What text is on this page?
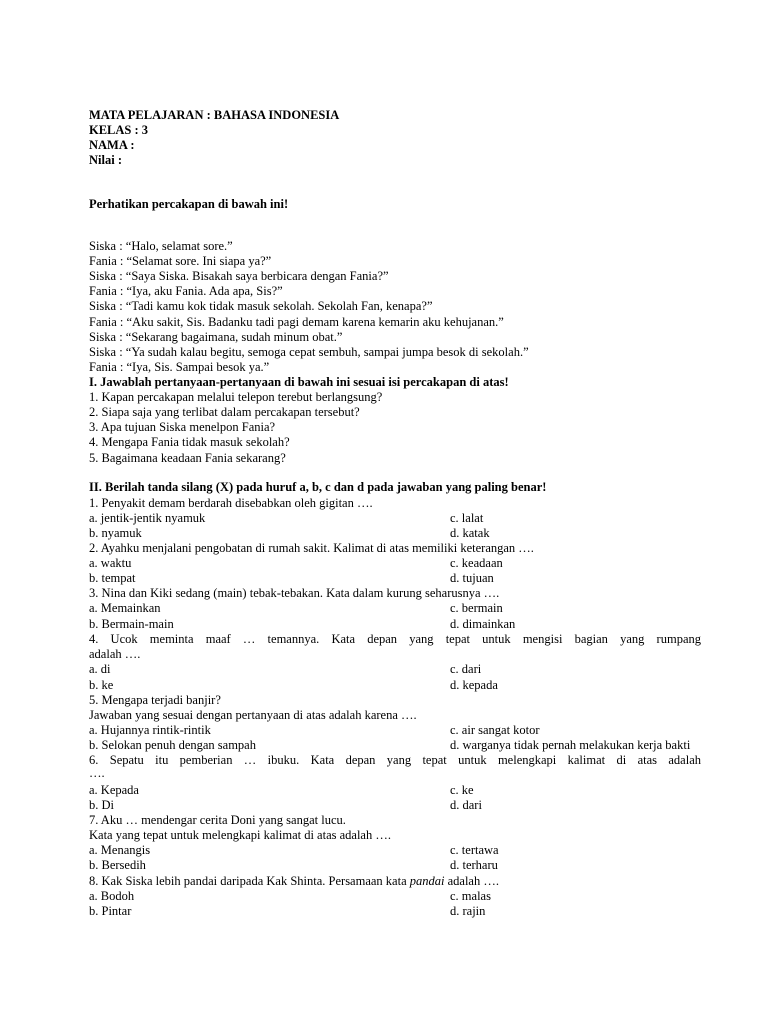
MATA PELAJARAN : BAHASA INDONESIA
KELAS : 3
NAMA :
Nilai :
Perhatikan percakapan di bawah ini!
Siska : “Halo, selamat sore.”
Fania : “Selamat sore. Ini siapa ya?”
Siska : “Saya Siska. Bisakah saya berbicara dengan Fania?”
Fania : “Iya, aku Fania. Ada apa, Sis?”
Siska : “Tadi kamu kok tidak masuk sekolah. Sekolah Fan, kenapa?”
Fania : “Aku sakit, Sis. Badanku tadi pagi demam karena kemarin aku kehujanan.”
Siska : “Sekarang bagaimana, sudah minum obat.”
Siska : “Ya sudah kalau begitu, semoga cepat sembuh, sampai jumpa besok di sekolah.”
Fania : “Iya, Sis. Sampai besok ya.”
I. Jawablah pertanyaan-pertanyaan di bawah ini sesuai isi percakapan di atas!
1. Kapan percakapan melalui telepon terebut berlangsung?
2. Siapa saja yang terlibat dalam percakapan tersebut?
3. Apa tujuan Siska menelpon Fania?
4. Mengapa Fania tidak masuk sekolah?
5. Bagaimana keadaan Fania sekarang?
II. Berilah tanda silang (X) pada huruf a, b, c dan d pada jawaban yang paling benar!
1. Penyakit demam berdarah disebabkan oleh gigitan ….
a. jentik-jentik nyamuk	c. lalat
b. nyamuk	d. katak
2. Ayahku menjalani pengobatan di rumah sakit. Kalimat di atas memiliki keterangan ….
a. waktu	c. keadaan
b. tempat	d. tujuan
3. Nina dan Kiki sedang (main) tebak-tebakan. Kata dalam kurung seharusnya ….
a. Memainkan	c. bermain
b. Bermain-main	d. dimainkan
4. Ucok meminta maaf … temannya. Kata depan yang tepat untuk mengisi bagian yang rumpang
adalah ….
a. di	c. dari
b. ke	d. kepada
5. Mengapa terjadi banjir?
Jawaban yang sesuai dengan pertanyaan di atas adalah karena ….
a. Hujannya rintik-rintik	c. air sangat kotor
b. Selokan penuh dengan sampah	d. warganya tidak pernah melakukan kerja bakti
6. Sepatu itu pemberian … ibuku. Kata depan yang tepat untuk melengkapi kalimat di atas adalah
….
a. Kepada	c. ke
b. Di	d. dari
7. Aku … mendengar cerita Doni yang sangat lucu.
Kata yang tepat untuk melengkapi kalimat di atas adalah ….
a. Menangis	c. tertawa
b. Bersedih	d. terharu
8. Kak Siska lebih pandai daripada Kak Shinta. Persamaan kata pandai adalah ….
a. Bodoh	c. malas
b. Pintar	d. rajin
